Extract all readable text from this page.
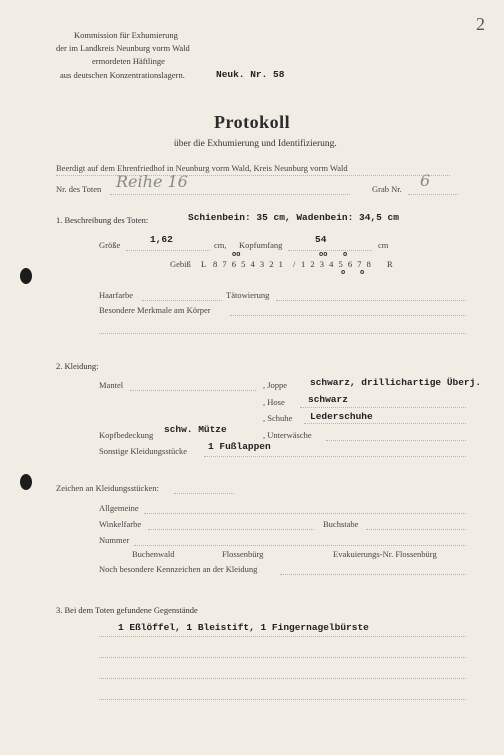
2
Kommission für Exhumierung
der im Landkreis Neunburg vorm Wald
ermordeten Häftlinge
aus deutschen Konzentrationslagern.	Neuk. Nr. 58
Protokoll
über die Exhumierung und Identifizierung.
Beerdigt auf dem Ehrenfriedhof in Neunburg vorm Wald, Kreis Neunburg vorm Wald
Nr. des Toten Reihe 16	Grab Nr. 6
1. Beschreibung des Toten:	Schienbein: 35 cm, Wadenbein: 34,5 cm
Größe	1,62	cm, Kopfumfang	54	cm
Gebiß L 8 7 6 5 4 3 2 1 / 1 2 3 4 5 6 7 8 R
oo	oo o
o o
Haarfarbe	Tätowierung
Besondere Merkmale am Körper
2. Kleidung:
Mantel	, Joppe schwarz, drillichartige Überj.
, Hose schwarz
, Schuhe Lederschuhe
Kopfbedeckung schw. Mütze	, Unterwäsche
Sonstige Kleidungsstücke 1 Fußlappen
Zeichen an Kleidungsstücken:
Allgemeine
Winkelfarbe	Buchstabe
Nummer
Buchenwald	Flossenbürg	Evakuierungs-Nr. Flossenbürg
Noch besondere Kennzeichen an der Kleidung
3. Bei dem Toten gefundene Gegenstände
1 Eßlöffel, 1 Bleistift, 1 Fingernagelbürste
